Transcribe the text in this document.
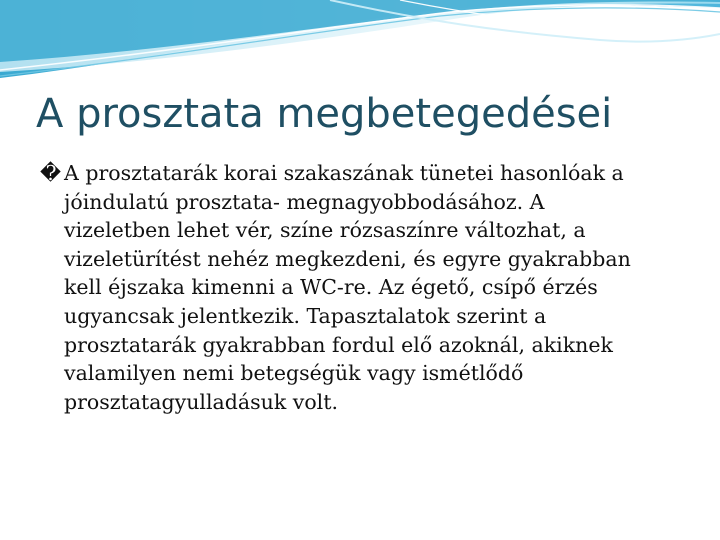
A prosztata megbetegedései
� A prosztatarák korai szakaszának tünetei hasonlóak a
jóindulatú prosztata- megnagyobbodásához. A
vizeletben lehet vér, színe rózsaszínre változhat, a
vizeletürítést nehéz megkezdeni, és egyre gyakrabban
kell éjszaka kimenni a WC-re. Az égető, csípő érzés
ugyancsak jelentkezik. Tapasztalatok szerint a
prosztatarák gyakrabban fordul elő azoknál, akiknek
valamilyen nemi betegségük vagy ismétlődő
prosztatagyulladásuk volt.
